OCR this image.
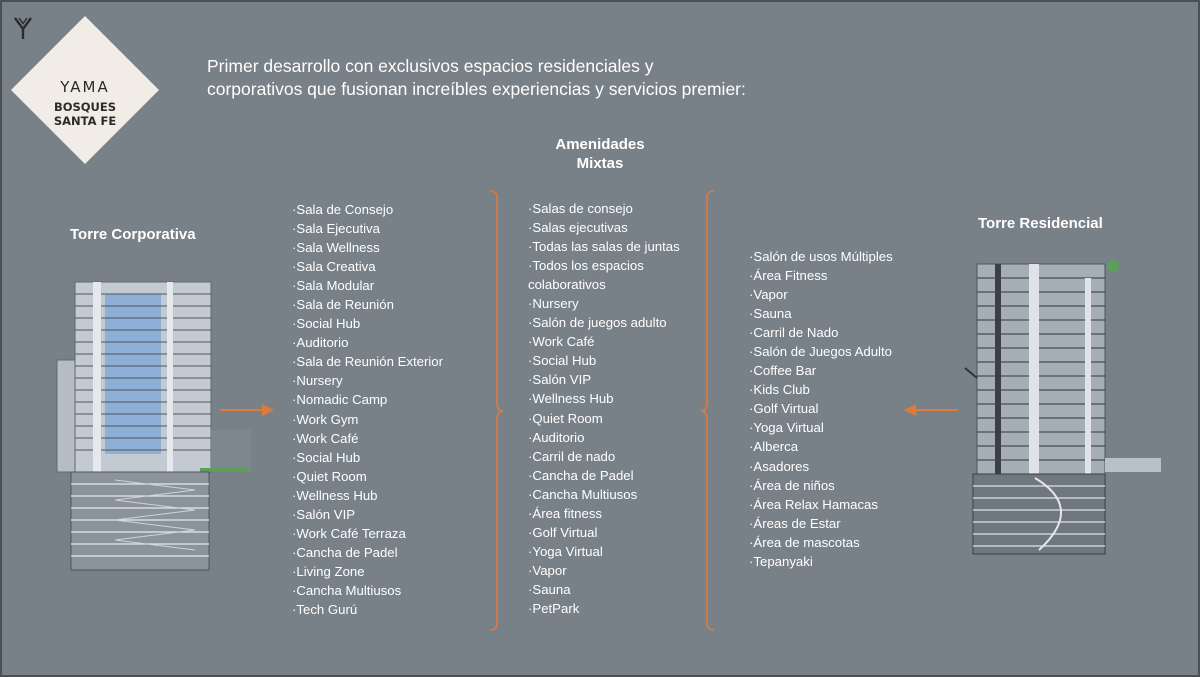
YAMA
BOSQUES
SANTA FE
Primer desarrollo con exclusivos espacios residenciales y
corporativos que fusionan increíbles experiencias y servicios premier:
Amenidades
Mixtas
Torre Corporativa
Torre Residencial
·Sala de Consejo
·Sala Ejecutiva
·Sala Wellness
·Sala Creativa
·Sala Modular
·Sala de Reunión
·Social Hub
·Auditorio
·Sala de Reunión Exterior
·Nursery
·Nomadic Camp
·Work Gym
·Work Café
·Social Hub
·Quiet Room
·Wellness Hub
·Salón VIP
·Work Café Terraza
·Cancha de Padel
·Living Zone
·Cancha Multiusos
·Tech Gurú
·Salas de consejo
·Salas ejecutivas
·Todas las salas de juntas
·Todos los espacios colaborativos
·Nursery
·Salón de juegos adulto
·Work Café
·Social Hub
·Salón VIP
·Wellness Hub
·Quiet Room
·Auditorio
·Carril de nado
·Cancha de Padel
·Cancha Multiusos
·Área fitness
·Golf Virtual
·Yoga Virtual
·Vapor
·Sauna
·PetPark
·Salón de usos Múltiples
·Área Fitness
·Vapor
·Sauna
·Carril de Nado
·Salón de Juegos Adulto
·Coffee Bar
·Kids Club
·Golf Virtual
·Yoga Virtual
·Alberca
·Asadores
·Área de niños
·Área Relax Hamacas
·Áreas de Estar
·Área de mascotas
·Tepanyaki
